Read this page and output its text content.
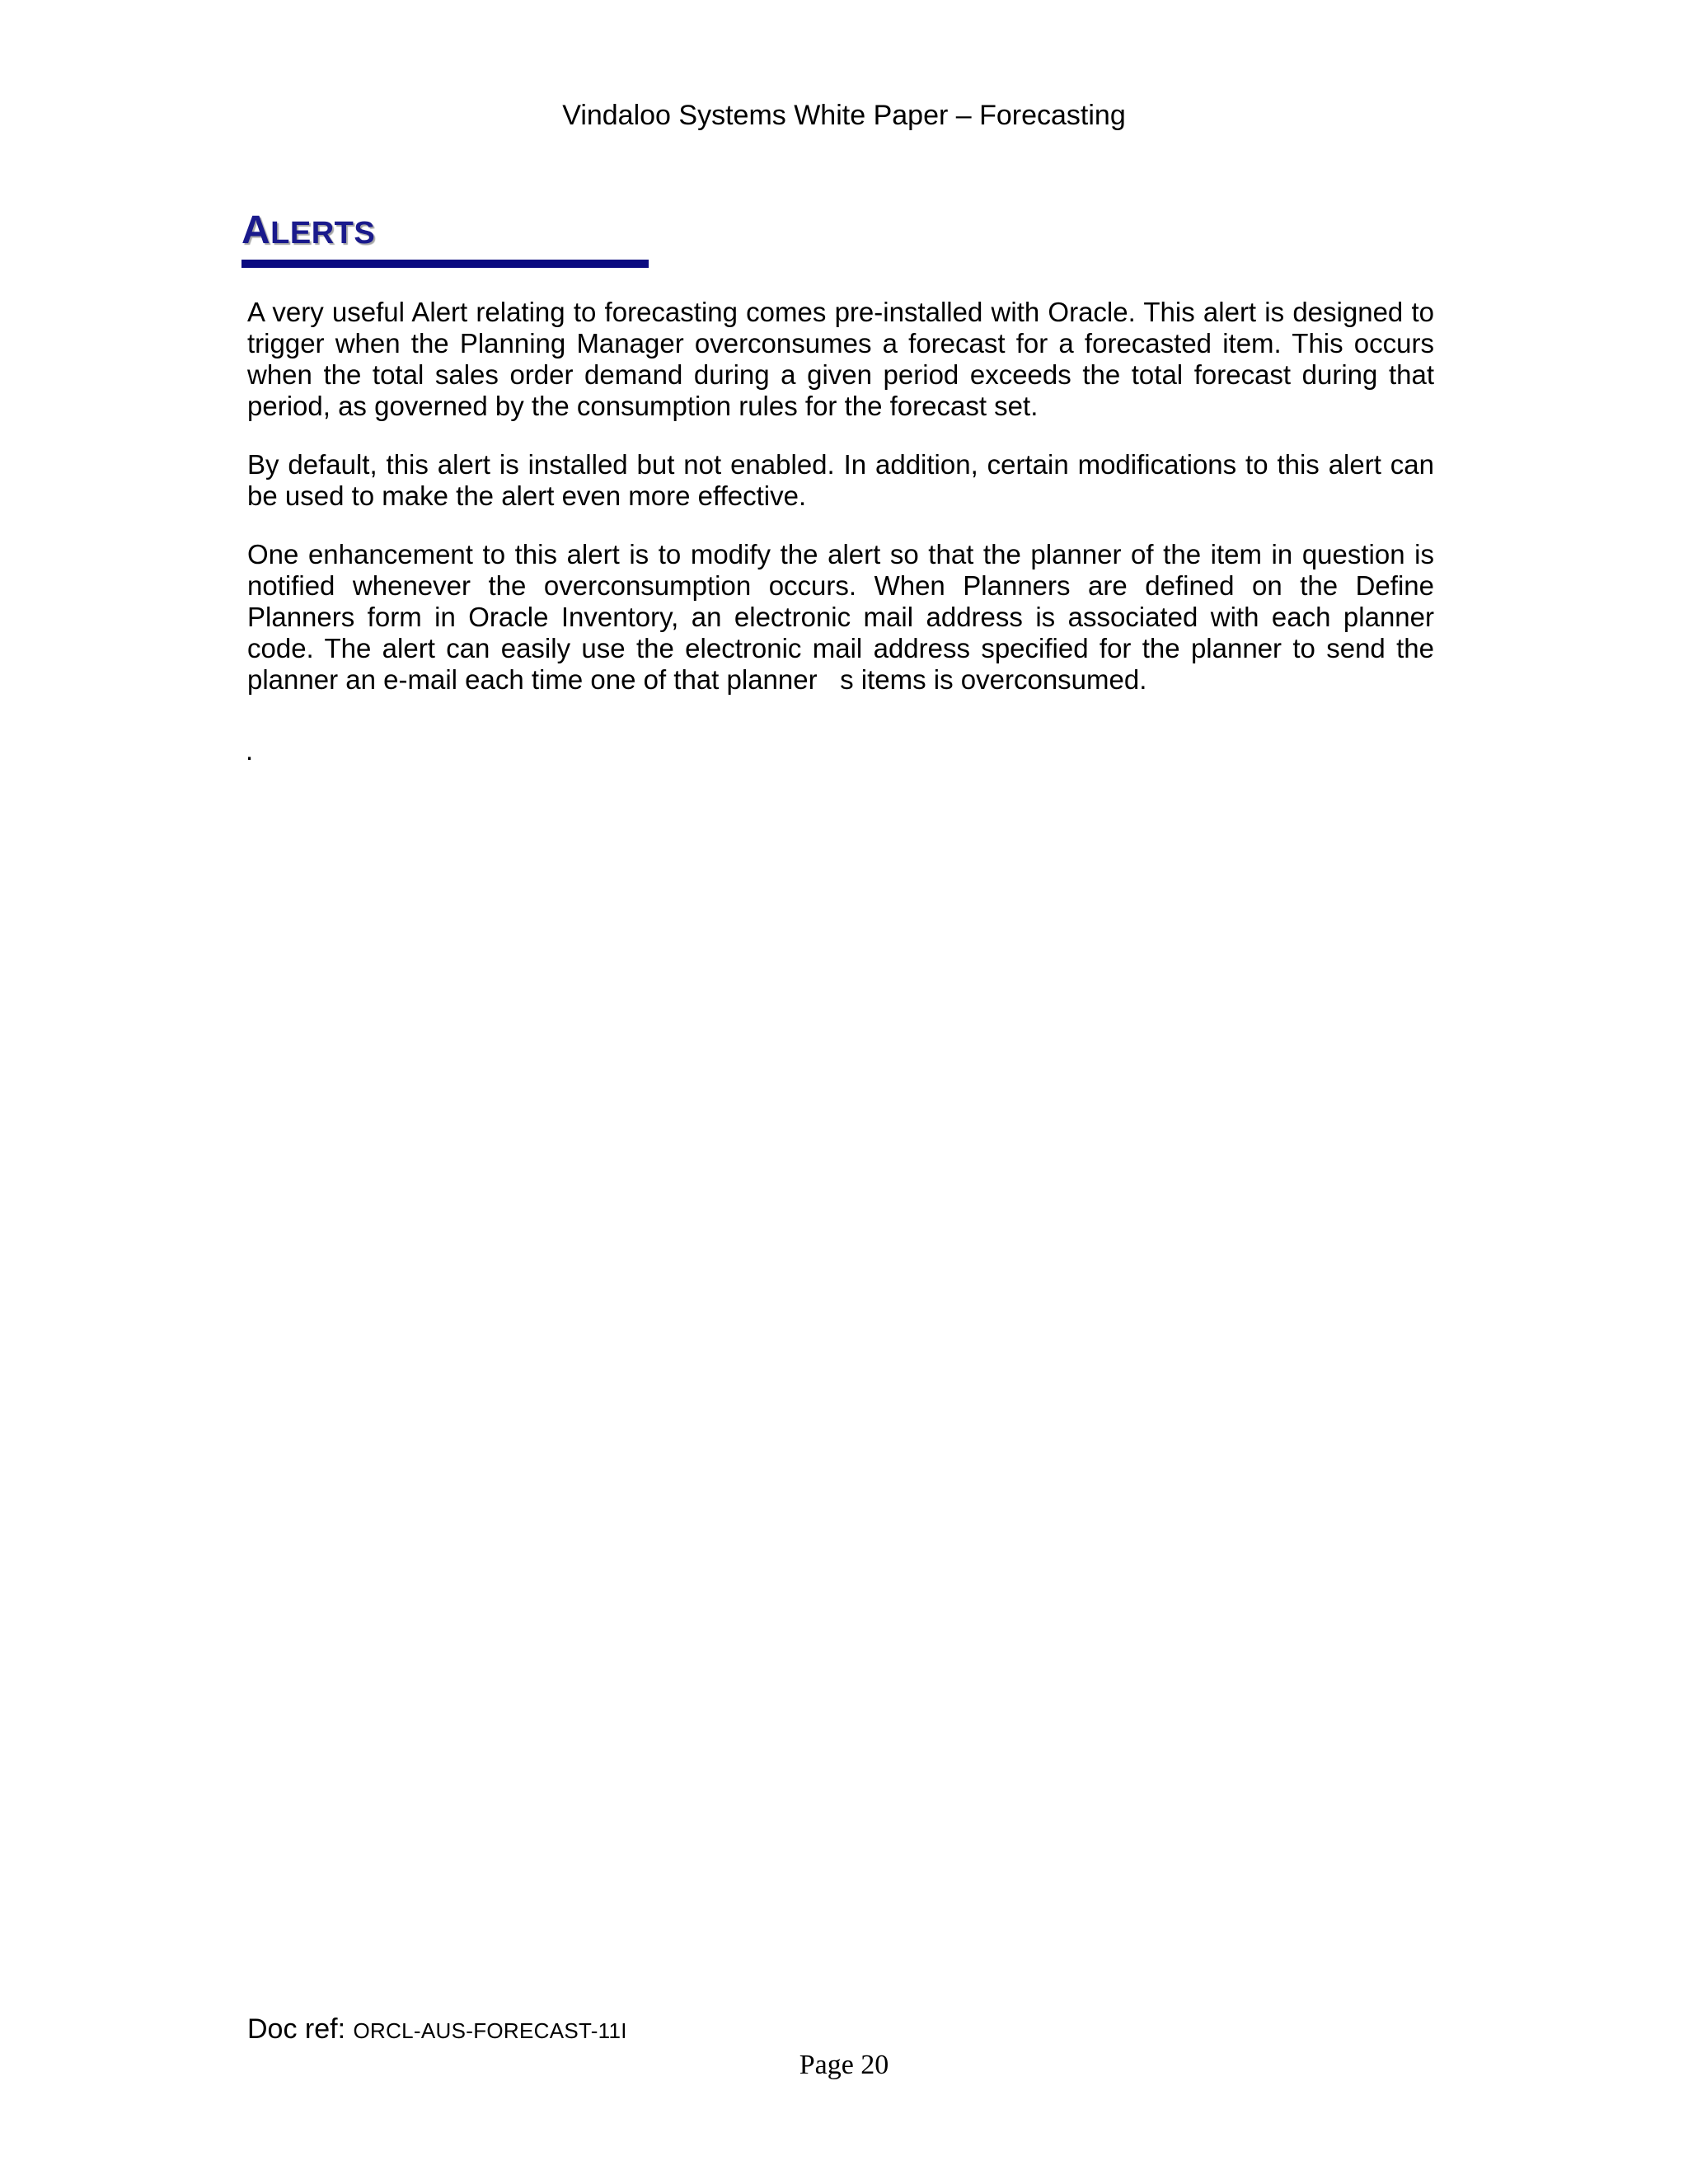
Vindaloo Systems White Paper – Forecasting
ALERTS

A very useful Alert relating to forecasting comes pre-installed with Oracle. This alert is designed to trigger when the Planning Manager overconsumes a forecast for a forecasted item. This occurs when the total sales order demand during a given period exceeds the total forecast during that period, as governed by the consumption rules for the forecast set.

By default, this alert is installed but not enabled. In addition, certain modifications to this alert can be used to make the alert even more effective.

One enhancement to this alert is to modify the alert so that the planner of the item in question is notified whenever the overconsumption occurs. When Planners are defined on the Define Planners form in Oracle Inventory, an electronic mail address is associated with each planner code. The alert can easily use the electronic mail address specified for the planner to send the planner an e-mail each time one of that planner   s items is overconsumed.

.
Doc ref: ORCL-AUS-FORECAST-11I
Page 20
